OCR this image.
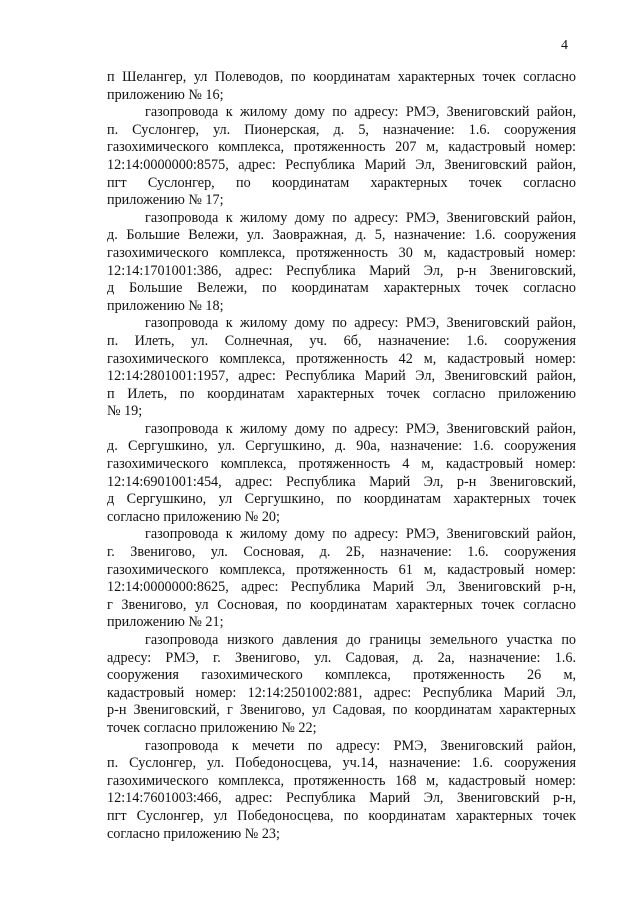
4
п Шелангер, ул Полеводов, по координатам характерных точек согласно
приложению № 16;
газопровода к жилому дому по адресу: РМЭ, Звениговский район,
п. Суслонгер, ул. Пионерская, д. 5, назначение: 1.6. сооружения
газохимического комплекса, протяженность 207 м, кадастровый номер:
12:14:0000000:8575, адрес: Республика Марий Эл, Звениговский район,
пгт Суслонгер, по координатам характерных точек согласно
приложению № 17;
газопровода к жилому дому по адресу: РМЭ, Звениговский район,
д. Большие Вележи, ул. Заовражная, д. 5, назначение: 1.6. сооружения
газохимического комплекса, протяженность 30 м, кадастровый номер:
12:14:1701001:386, адрес: Республика Марий Эл, р-н Звениговский,
д Большие Вележи, по координатам характерных точек согласно
приложению № 18;
газопровода к жилому дому по адресу: РМЭ, Звениговский район,
п. Илеть, ул. Солнечная, уч. 6б, назначение: 1.6. сооружения
газохимического комплекса, протяженность 42 м, кадастровый номер:
12:14:2801001:1957, адрес: Республика Марий Эл, Звениговский район,
п Илеть, по координатам характерных точек согласно приложению
№ 19;
газопровода к жилому дому по адресу: РМЭ, Звениговский район,
д. Сергушкино, ул. Сергушкино, д. 90а, назначение: 1.6. сооружения
газохимического комплекса, протяженность 4 м, кадастровый номер:
12:14:6901001:454, адрес: Республика Марий Эл, р-н Звениговский,
д Сергушкино, ул Сергушкино, по координатам характерных точек
согласно приложению № 20;
газопровода к жилому дому по адресу: РМЭ, Звениговский район,
г. Звенигово, ул. Сосновая, д. 2Б, назначение: 1.6. сооружения
газохимического комплекса, протяженность 61 м, кадастровый номер:
12:14:0000000:8625, адрес: Республика Марий Эл, Звениговский р-н,
г Звенигово, ул Сосновая, по координатам характерных точек согласно
приложению № 21;
газопровода низкого давления до границы земельного участка по
адресу: РМЭ, г. Звенигово, ул. Садовая, д. 2а, назначение: 1.6.
сооружения газохимического комплекса, протяженность 26 м,
кадастровый номер: 12:14:2501002:881, адрес: Республика Марий Эл,
р-н Звениговский, г Звенигово, ул Садовая, по координатам характерных
точек согласно приложению № 22;
газопровода к мечети по адресу: РМЭ, Звениговский район,
п. Суслонгер, ул. Победоносцева, уч.14, назначение: 1.6. сооружения
газохимического комплекса, протяженность 168 м, кадастровый номер:
12:14:7601003:466, адрес: Республика Марий Эл, Звениговский р-н,
пгт Суслонгер, ул Победоносцева, по координатам характерных точек
согласно приложению № 23;
